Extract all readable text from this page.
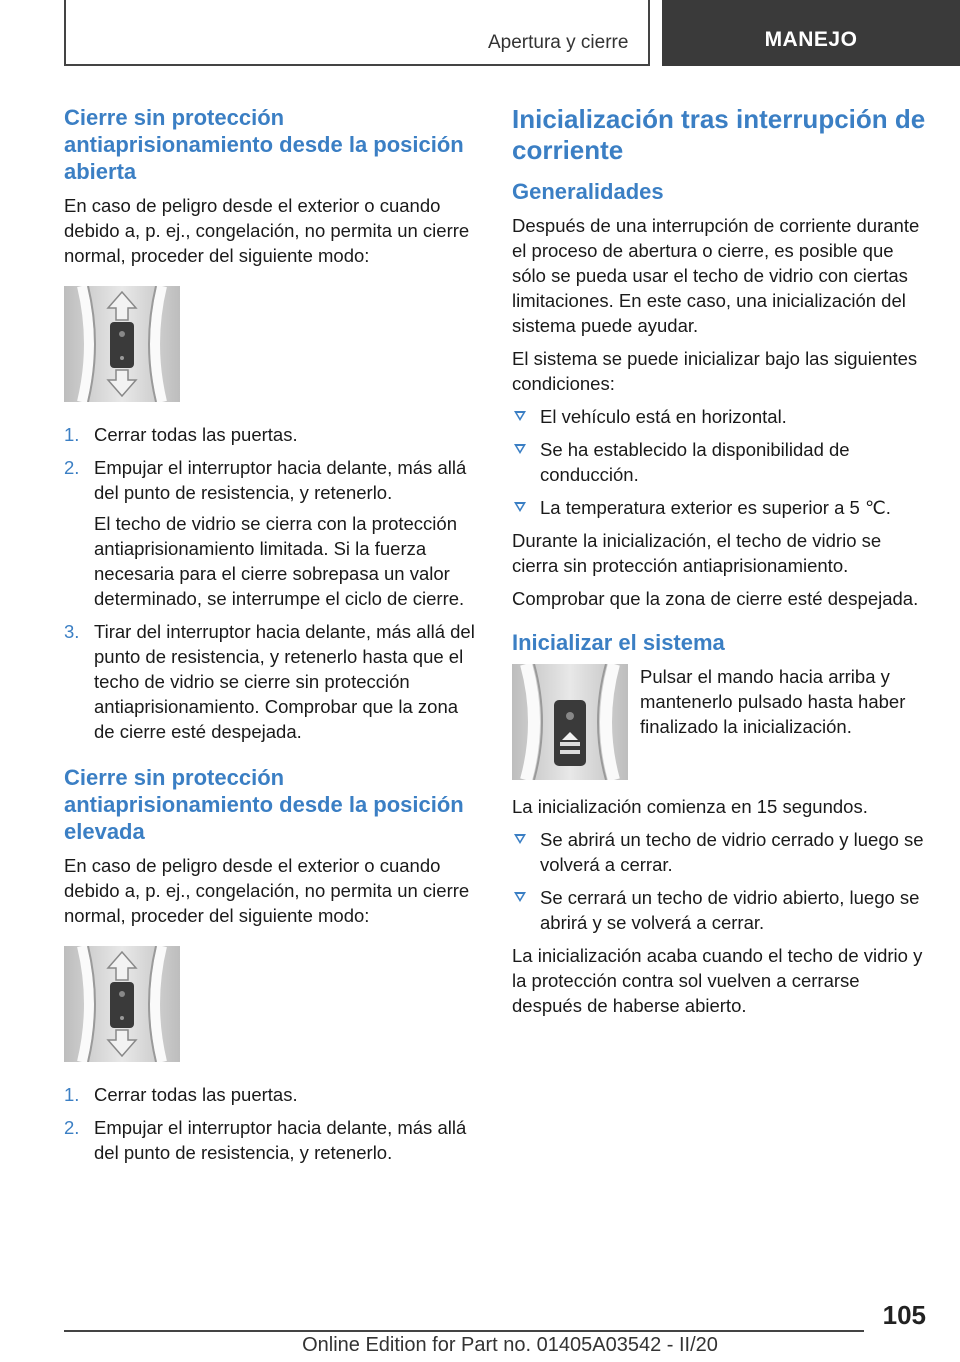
Apertura y cierre	MANEJO
Cierre sin protección antiaprisionamiento desde la posición abierta

En caso de peligro desde el exterior o cuando debido a, p. ej., congelación, no permita un cierre normal, proceder del siguiente modo:

1. Cerrar todas las puertas.
2. Empujar el interruptor hacia delante, más allá del punto de resistencia, y retenerlo.
El techo de vidrio se cierra con la protección antiaprisionamiento limitada. Si la fuerza necesaria para el cierre sobrepasa un valor determinado, se interrumpe el ciclo de cierre.
3. Tirar del interruptor hacia delante, más allá del punto de resistencia, y retenerlo hasta que el techo de vidrio se cierre sin protección antiaprisionamiento. Comprobar que la zona de cierre esté despejada.
Cierre sin protección antiaprisionamiento desde la posición elevada

En caso de peligro desde el exterior o cuando debido a, p. ej., congelación, no permita un cierre normal, proceder del siguiente modo:

1. Cerrar todas las puertas.
2. Empujar el interruptor hacia delante, más allá del punto de resistencia, y retenerlo.
Inicialización tras interrupción de corriente
Generalidades

Después de una interrupción de corriente durante el proceso de abertura o cierre, es posible que sólo se pueda usar el techo de vidrio con ciertas limitaciones. En este caso, una inicialización del sistema puede ayudar.

El sistema se puede inicializar bajo las siguientes condiciones:

El vehículo está en horizontal.
Se ha establecido la disponibilidad de conducción.
La temperatura exterior es superior a 5 ℃.

Durante la inicialización, el techo de vidrio se cierra sin protección antiaprisionamiento.

Comprobar que la zona de cierre esté despejada.

Inicializar el sistema

Pulsar el mando hacia arriba y mantenerlo pulsado hasta haber finalizado la inicialización.

La inicialización comienza en 15 segundos.

Se abrirá un techo de vidrio cerrado y luego se volverá a cerrar.
Se cerrará un techo de vidrio abierto, luego se abrirá y se volverá a cerrar.

La inicialización acaba cuando el techo de vidrio y la protección contra sol vuelven a cerrarse después de haberse abierto.

105
Online Edition for Part no. 01405A03542 - II/20
